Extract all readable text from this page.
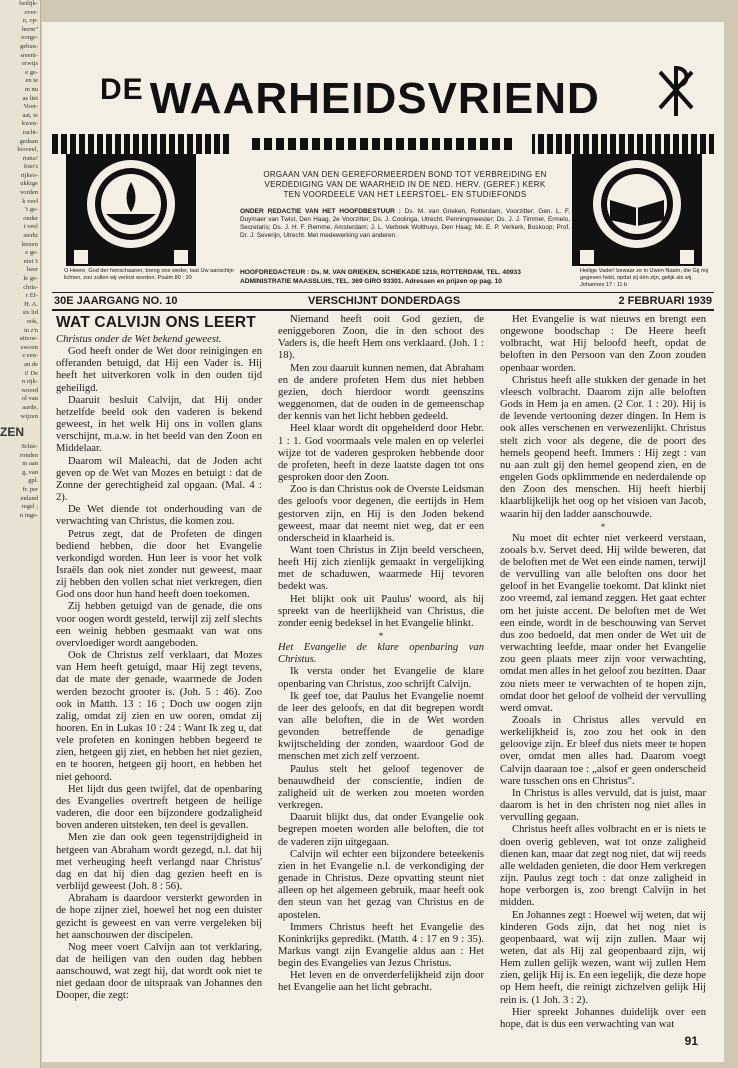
beilijk-
over-
n, op-
herm"
oorge-
gebun-
sreeni-
erwijs
e ge-
en te
m nu
as liet
Voor-
aat, te
kwen-
racht-
gedaan
looveel,
ristus'
foto's
rijkeo-
ukkige
vorden
k veel
't ge-
onder
t veel
sterkt
leezen
e ge-
niet 't
heer
le ge-
chris-
r Ef-
H. A.
sis lid
ook,
in z'n
uitvoe-
ewoon
e een-
an de
t! De
n rijk-
woord
ol van
aarde,
wijzen
ZEN
Schie-
ronden
m aan
g, van
gpl.
fr. per
enland
regel ;
n inge-
$^{DE}$ WAARHEIDSVRIEND
ORGAAN VAN DEN GEREFORMEERDEN BOND TOT VERBREIDING EN
VERDEDIGING VAN DE WAARHEID IN DE NED. HERV. (GEREF.) KERK
TEN VOORDEELE VAN HET LEERSTOEL- EN STUDIEFONDS
ONDER REDACTIE VAN HET HOOFDBESTUUR : Ds. M. van Grieken, Rotterdam, Voorzitter; Gen. L. F. Duymaer van Twist, Den Haag, 2e Voorzitter; Ds. J. Coolinga, Utrecht, Penningmeester; Ds. J. J. Timmer, Ermelo, Secretaris; Ds. J. H. F. Remme, Amsterdam; J. L. Verboek Wolthuys, Den Haag; Mr. E. P. Verkerk, Boskoop; Prof. Dr. J. Severijn, Utrecht. Met medewerking van anderen.
HOOFDREDACTEUR : Ds. M. VAN GRIEKEN, SCHIEKADE 121b, ROTTERDAM, TEL. 40933
ADMINISTRATIE MAASSLUIS, TEL. 369 GIRO 93301. Adressen en prijzen op pag. 10
O Heere, God der heirschaaren, breng ons weder, laat Uw aanschijn lichten, zoo zullen wij verlost worden. Psalm 80 : 20
Heilige Vader! bewaar ze in Uwen Naam, die Gij mij gegeven hebt, opdat zij één zijn, gelijk als wij. Johannes 17 : 11 b
30E JAARGANG NO. 10	VERSCHIJNT DONDERDAGS	2 FEBRUARI 1939
WAT CALVIJN ONS LEERT

Christus onder de Wet bekend geweest.

God heeft onder de Wet door reinigingen en offeranden betuigd, dat Hij een Vader is. Hij heeft het uitverkoren volk in den ouden tijd geheiligd.

Daaruit besluit Calvijn, dat Hij onder hetzelfde beeld ook den vaderen is bekend geweest, in het welk Hij ons in vollen glans verschijnt, m.a.w. in het beeld van den Zoon en Middelaar.

Daarom wil Maleachi, dat de Joden acht geven op de Wet van Mozes en betuigt : dat de Zonne der gerechtigheid zal opgaan. (Mal. 4 : 2).

De Wet diende tot onderhouding van de verwachting van Christus, die komen zou.

Petrus zegt, dat de Profeten de dingen bediend hebben, die door het Evangelie verkondigd worden. Hun leer is voor het volk Israëls dan ook niet zonder nut geweest, maar zij hebben den vollen schat niet verkregen, dien God ons door hun hand heeft doen toekomen.

Zij hebben getuigd van de genade, die ons voor oogen wordt gesteld, terwijl zij zelf slechts een weinig hebben gesmaakt van wat ons overvloediger wordt aangeboden.

Ook de Christus zelf verklaart, dat Mozes van Hem heeft getuigd, maar Hij zegt tevens, dat de mate der genade, waarmede de Joden werden bezocht grooter is. (Joh. 5 : 46). Zoo ook in Matth. 13 : 16 ; Doch uw oogen zijn zalig, omdat zij zien en uw ooren, omdat zij hooren. En in Lukas 10 : 24 : Want Ik zeg u, dat vele profeten en koningen hebben begeerd te zien, hetgeen gij ziet, en hebben het niet gezien, en te hooren, hetgeen gij hoort, en hebben het niet gehoord.

Het lijdt dus geen twijfel, dat de openbaring des Evangelies overtreft hetgeen de heilige vaderen, die door een bijzondere godzaligheid boven anderen uitsteken, ten deel is gevallen.

Men zie dan ook geen tegenstrijdigheid in hetgeen van Abraham wordt gezegd, n.l. dat hij met verheuging heeft verlangd naar Christus' dag en dat hij dien dag gezien heeft en is verblijd geweest (Joh. 8 : 56).

Abraham is daardoor versterkt geworden in de hope zijner ziel, hoewel het nog een duister gezicht is geweest en van verre vergeleken bij het aanschouwen der discipelen.

Nog meer voert Calvijn aan tot verklaring, dat de heiligen van den ouden dag hebben aanschouwd, wat zegt hij, dat wordt ook niet te niet gedaan door de uitspraak van Johannes den Dooper, die zegt:

Niemand heeft ooit God gezien, de eeniggeboren Zoon, die in den schoot des Vaders is, die heeft Hem ons verklaard. (Joh. 1 : 18).

Men zou daaruit kunnen nemen, dat Abraham en de andere profeten Hem dus niet hebben gezien, doch hierdoor wordt geenszins weggenomen, dat de ouden in de gemeenschap der kennis van het licht hebben gedeeld.

Heel klaar wordt dit opgehelderd door Hebr. 1 : 1. God voormaals vele malen en op velerlei wijze tot de vaderen gesproken hebbende door de profeten, heeft in deze laatste dagen tot ons gesproken door den Zoon.

Zoo is dan Christus ook de Overste Leidsman des geloofs voor degenen, die eertijds in Hem gestorven zijn, en Hij is den Joden bekend geweest, maar dat neemt niet weg, dat er een onderscheid in klaarheid is.

Want toen Christus in Zijn beeld verscheen, heeft Hij zich zienlijk gemaakt in vergelijking met de schaduwen, waarmede Hij tevoren bedekt was.

Het blijkt ook uit Paulus' woord, als hij spreekt van de heerlijkheid van Christus, die zonder eenig bedeksel in het Evangelie blinkt.

*

Het Evangelie de klare openbaring van Christus.

Ik versta onder het Evangelie de klare openbaring van Christus, zoo schrijft Calvijn.

Ik geef toe, dat Paulus het Evangelie noemt de leer des geloofs, en dat dit begrepen wordt van alle beloften, die in de Wet worden gevonden betreffende de genadige kwijtschelding der zonden, waardoor God de menschen met zich zelf verzoent.

Paulus stelt het geloof tegenover de benauwdheid der conscientie, indien de zaligheid uit de werken zou moeten worden verkregen.

Daaruit blijkt dus, dat onder Evangelie ook begrepen moeten worden alle beloften, die tot de vaderen zijn uitgegaan.

Calvijn wil echter een bijzondere beteekenis zien in het Evangelie n.l. de verkondiging der genade in Christus. Deze opvatting steunt niet alleen op het algemeen gebruik, maar heeft ook den steun van het gezag van Christus en de apostelen.

Immers Christus heeft het Evangelie des Koninkrijks gepredikt. (Matth. 4 : 17 en 9 : 35). Markus vangt zijn Evangelie aldus aan : Het begin des Evangelies van Jezus Christus.

Het leven en de onverderfelijkheid zijn door het Evangelie aan het licht gebracht.

Het Evangelie is wat nieuws en brengt een ongewone boodschap : De Heere heeft volbracht, wat Hij beloofd heeft, opdat de beloften in den Persoon van den Zoon zouden openbaar worden.

Christus heeft alle stukken der genade in het vleesch volbracht. Daarom zijn alle beloften Gods in Hem ja en amen. (2 Cor. 1 : 20). Hij is de levende vertooning dezer dingen. In Hem is ook alles verschenen en verwezenlijkt. Christus stelt zich voor als degene, die de poort des hemels geopend heeft. Immers : Hij zegt : van nu aan zult gij den hemel geopend zien, en de engelen Gods opklimmende en nederdalende op den Zoon des menschen. Hij heeft hierbij klaarblijkelijk het oog op het visioen van Jacob, waarin hij den ladder aanschouwde.

*

Nu moet dit echter niet verkeerd verstaan, zooals b.v. Servet deed. Hij wilde beweren, dat de beloften met de Wet een einde namen, terwijl de vervulling van alle beloften ons door het geloof in het Evangelie toekomt. Dat klinkt niet zoo vreemd, zal iemand zeggen. Het gaat echter om het juiste accent. De beloften met de Wet een einde, wordt in de beschouwing van Servet dus zoo bedoeld, dat men onder de Wet uit de verwachting leefde, maar onder het Evangelie zou geen plaats meer zijn voor verwachting, omdat men alles in het geloof zou bezitten. Daar zou niets meer te verwachten of te hopen zijn, omdat door het geloof de volheid der vervulling werd omvat.

Zooals in Christus alles vervuld en werkelijkheid is, zoo zou het ook in den geloovige zijn. Er bleef dus niets meer te hopen over, omdat men alles had. Daarom voegt Calvijn daaraan toe : „alsof er geen onderscheid ware tusschen ons en Christus".

In Christus is alles vervuld, dat is juist, maar daarom is het in den christen nog niet alles in vervulling gegaan.

Christus heeft alles volbracht en er is niets te doen overig gebleven, wat tot onze zaligheid dienen kan, maar dat zegt nog niet, dat wij reeds alle weldaden genieten, die door Hem verkregen zijn. Paulus zegt toch : dat onze zaligheid in hope verborgen is, zoo brengt Calvijn in het midden.

En Johannes zegt : Hoewel wij weten, dat wij kinderen Gods zijn, dat het nog niet is geopenbaard, wat wij zijn zullen. Maar wij weten, dat als Hij zal geopenbaard zijn, wij Hem zullen gelijk wezen, want wij zullen Hem zien, gelijk Hij is. En een iegelijk, die deze hope op Hem heeft, die reinigt zichzelven gelijk Hij rein is. (1 Joh. 3 : 2).

Hier spreekt Johannes duidelijk over een hope, dat is dus een verwachting van wat

91
